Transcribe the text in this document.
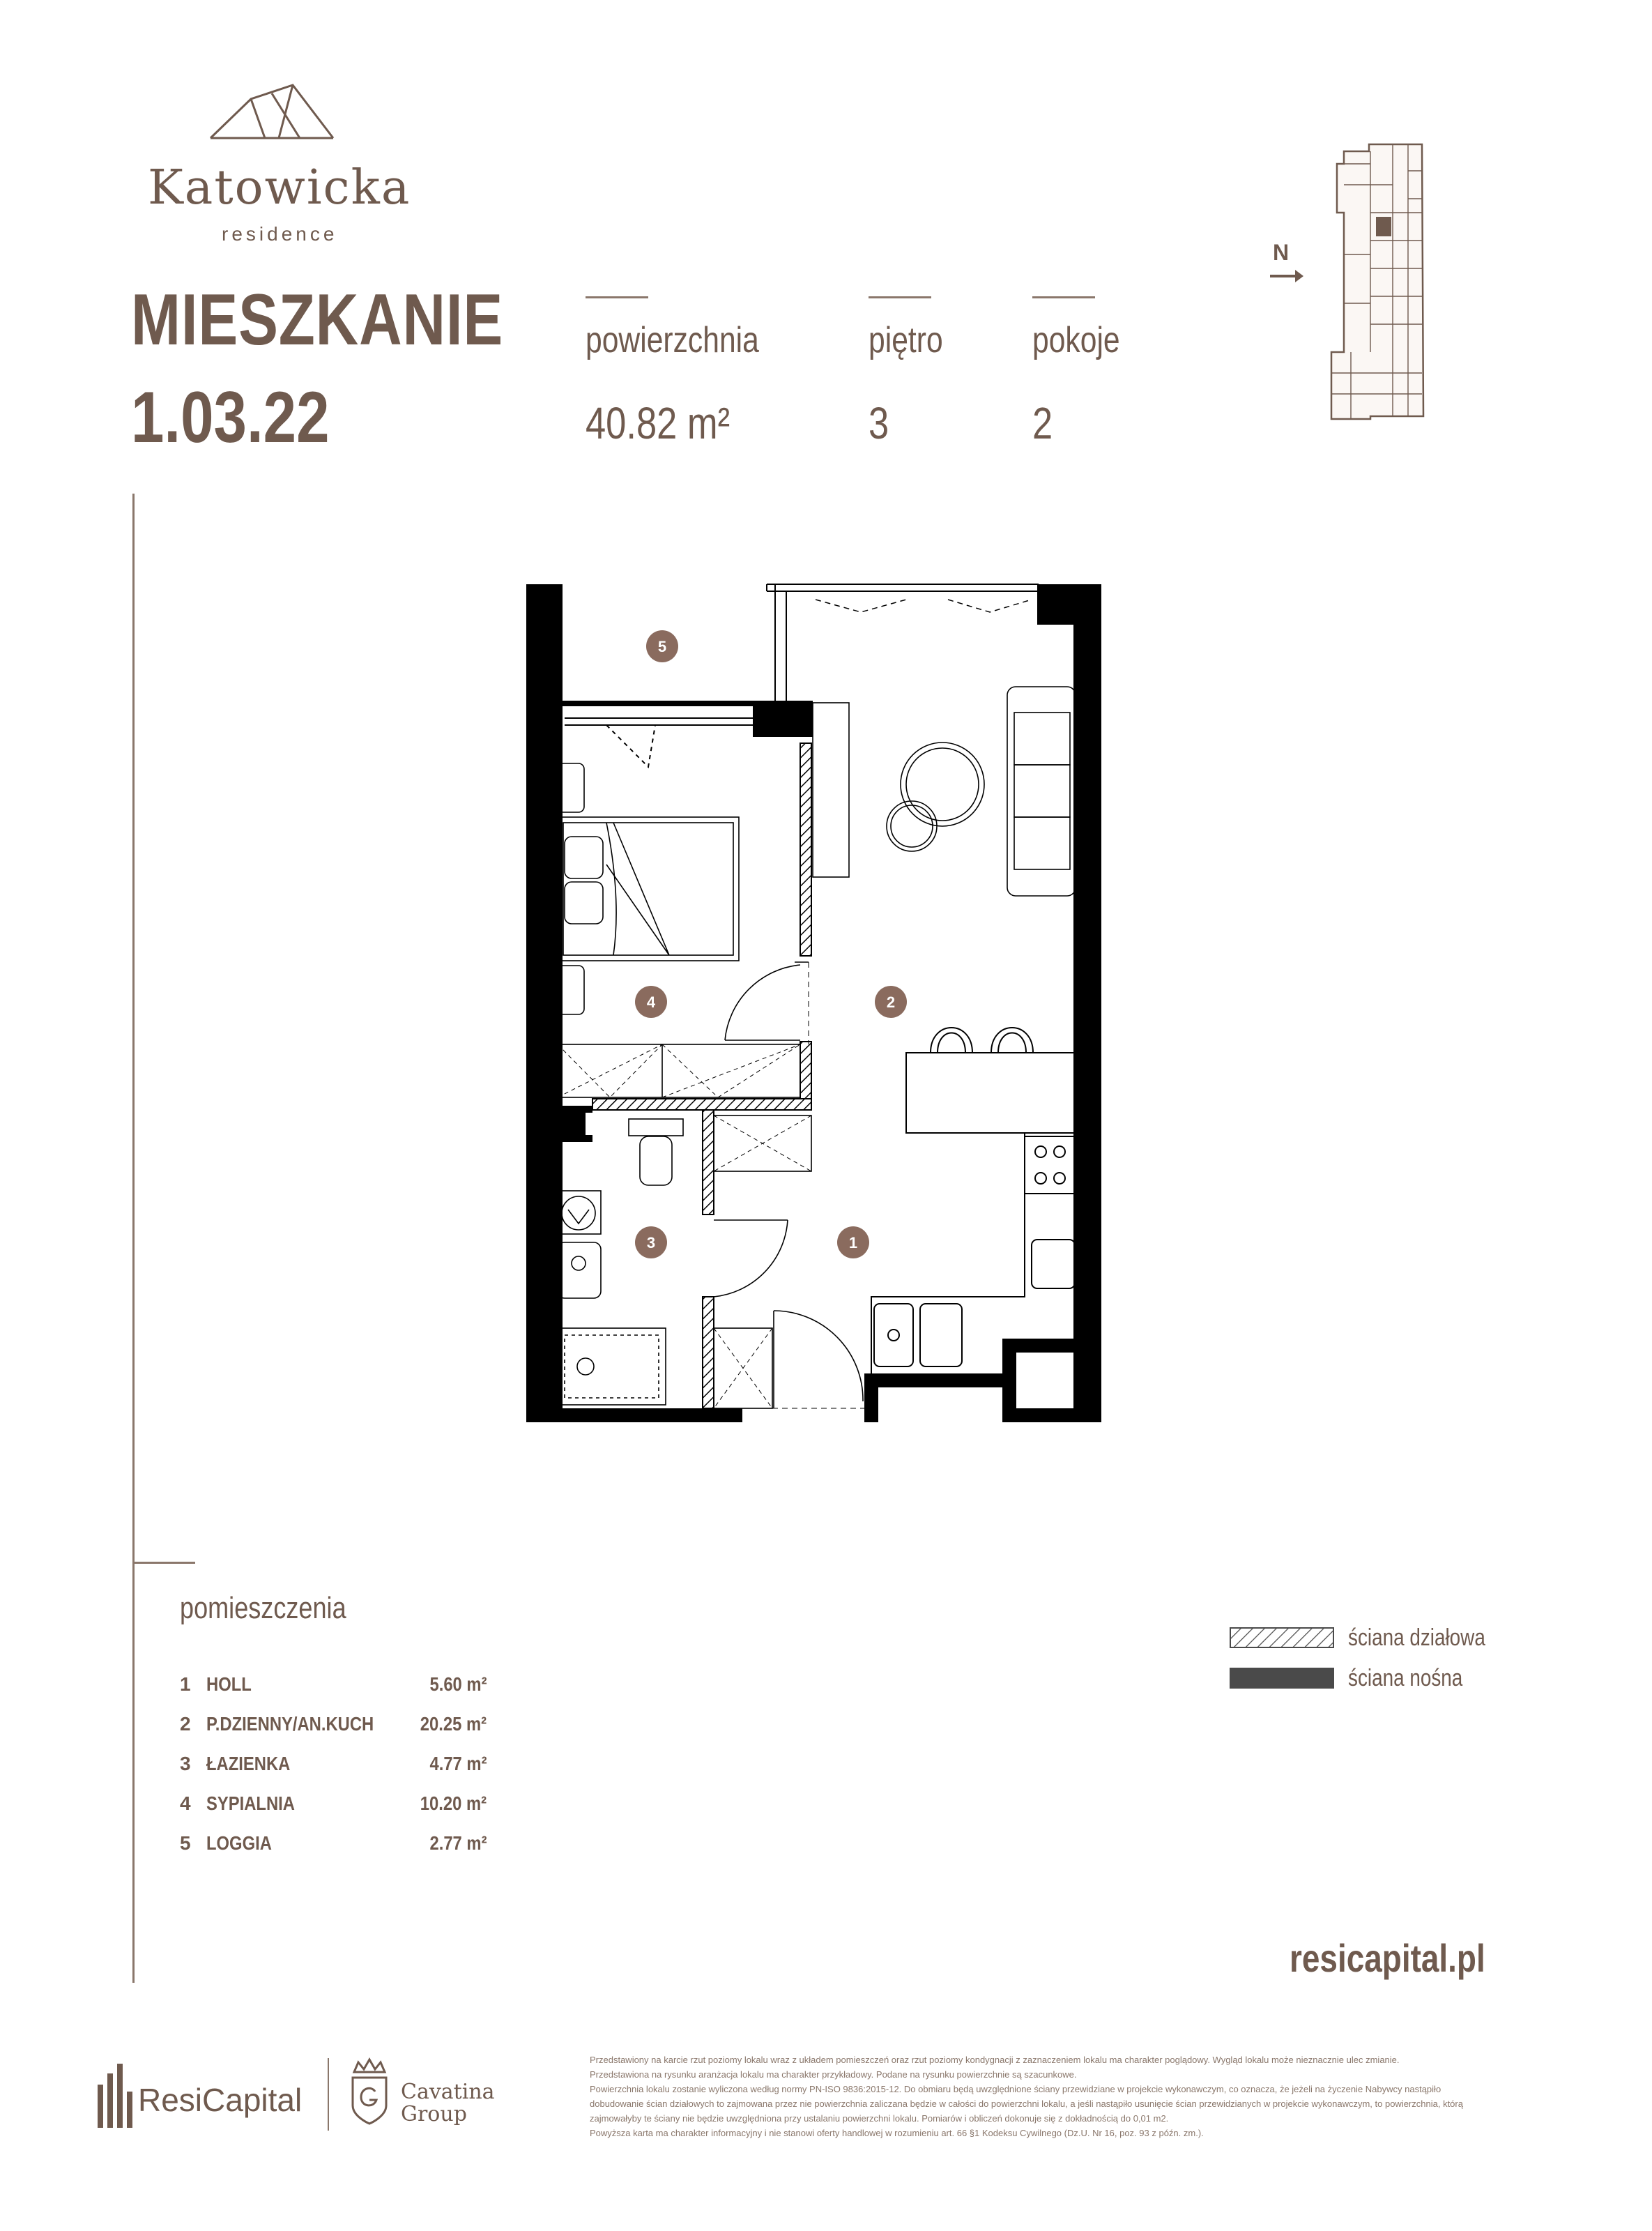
Katowicka
residence
MIESZKANIE
1.03.22
powierzchnia
40.82 m²
piętro
3
pokoje
2
N
5
4	2
3	1
pomieszczenia
1 HOLL	5.60 m²
2 P.DZIENNY/AN.KUCH 20.25 m²
3 ŁAZIENKA	4.77 m²
4 SYPIALNIA	10.20 m²
5 LOGGIA	2.77 m²
ściana działowa
ściana nośna
resicapital.pl
ResiCapital	Cavatina
Group

Przedstawiony na karcie rzut poziomy lokalu wraz z układem pomieszczeń oraz rzut poziomy kondygnacji z zaznaczeniem lokalu ma charakter poglądowy. Wygląd lokalu może nieznacznie ulec zmianie.

Przedstawiona na rysunku aranżacja lokalu ma charakter przykładowy. Podane na rysunku powierzchnie są szacunkowe.

Powierzchnia lokalu zostanie wyliczona według normy PN-ISO 9836:2015-12. Do obmiaru będą uwzględnione ściany przewidziane w projekcie wykonawczym, co oznacza, że jeżeli na życzenie Nabywcy nastąpiło dobudowanie ścian działowych to zajmowana przez nie powierzchnia zaliczana będzie w całości do powierzchni lokalu, a jeśli nastąpiło usunięcie ścian przewidzianych w projekcie wykonawczym, to powierzchnia, którą zajmowałyby te ściany nie będzie uwzględniona przy ustalaniu powierzchni lokalu. Pomiarów i obliczeń dokonuje się z dokładnością do 0,01 m2.

Powyższa karta ma charakter informacyjny i nie stanowi oferty handlowej w rozumieniu art. 66 §1 Kodeksu Cywilnego (Dz.U. Nr 16, poz. 93 z późn. zm.).
